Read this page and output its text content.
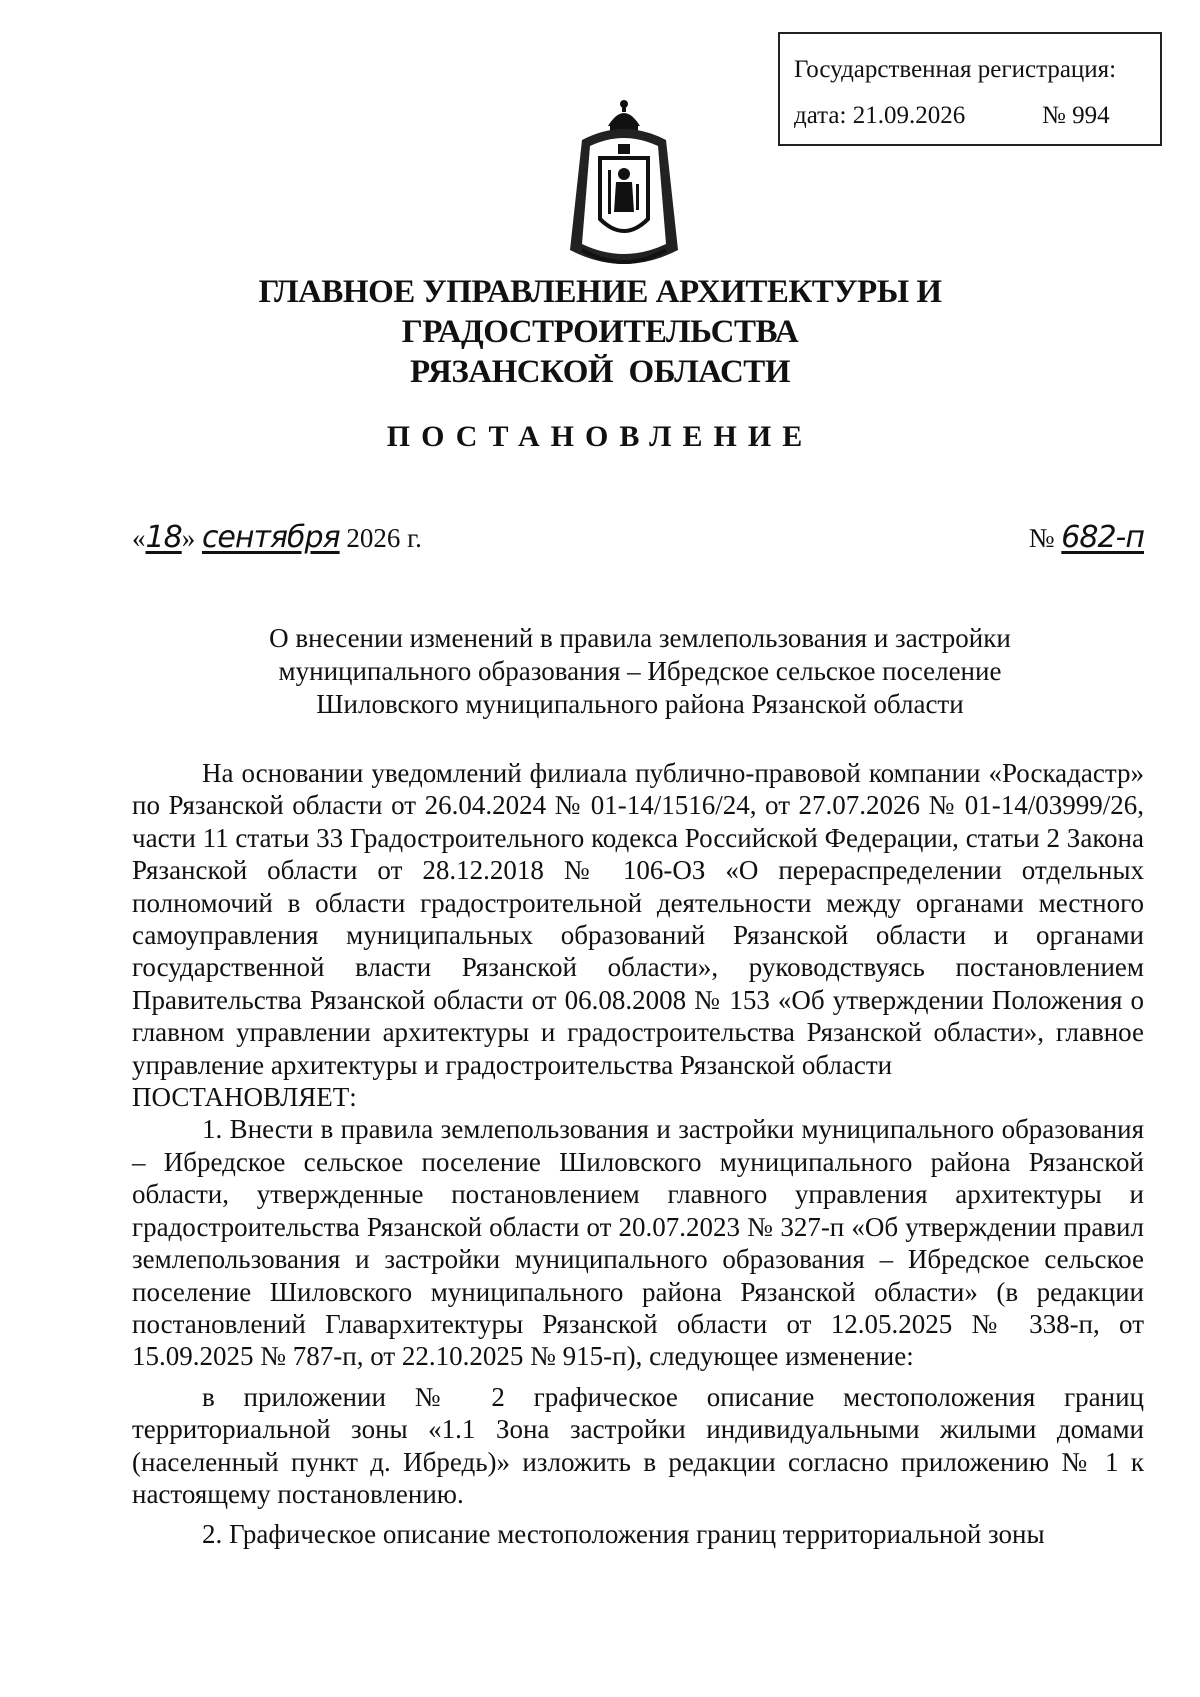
Государственная регистрация:
дата: 21.09.2026	№ 994
ГЛАВНОЕ УПРАВЛЕНИЕ АРХИТЕКТУРЫ И ГРАДОСТРОИТЕЛЬСТВА
РЯЗАНСКОЙ  ОБЛАСТИ
ПОСТАНОВЛЕНИЕ
«18» сентября 2026 г.	№ 682-п
О внесении изменений в правила землепользования и застройки
муниципального образования – Ибредское сельское поселение
Шиловского муниципального района Рязанской области

На основании уведомлений филиала публично-правовой компании «Роскадастр» по Рязанской области от 26.04.2024 № 01-14/1516/24, от 27.07.2026 № 01-14/03999/26, части 11 статьи 33 Градостроительного кодекса Российской Федерации, статьи 2 Закона Рязанской области от 28.12.2018 № 106-ОЗ «О перераспределении отдельных полномочий в области градостроительной деятельности между органами местного самоуправления муниципальных образований Рязанской области и органами государственной власти Рязанской области», руководствуясь постановлением Правительства Рязанской области от 06.08.2008 № 153 «Об утверждении Положения о главном управлении архитектуры и градостроительства Рязанской области», главное управление архитектуры и градостроительства Рязанской области

ПОСТАНОВЛЯЕТ:

1. Внести в правила землепользования и застройки муниципального образования – Ибредское сельское поселение Шиловского муниципального района Рязанской области, утвержденные постановлением главного управления архитектуры и градостроительства Рязанской области от 20.07.2023 № 327-п «Об утверждении правил землепользования и застройки муниципального образования – Ибредское сельское поселение Шиловского муниципального района Рязанской области» (в редакции постановлений Главархитектуры Рязанской области от 12.05.2025 № 338-п, от 15.09.2025 № 787-п, от 22.10.2025 № 915-п), следующее изменение:

в приложении № 2 графическое описание местоположения границ территориальной зоны «1.1 Зона застройки индивидуальными жилыми домами (населенный пункт д. Ибредь)» изложить в редакции согласно приложению № 1 к настоящему постановлению.

2. Графическое описание местоположения границ территориальной зоны
